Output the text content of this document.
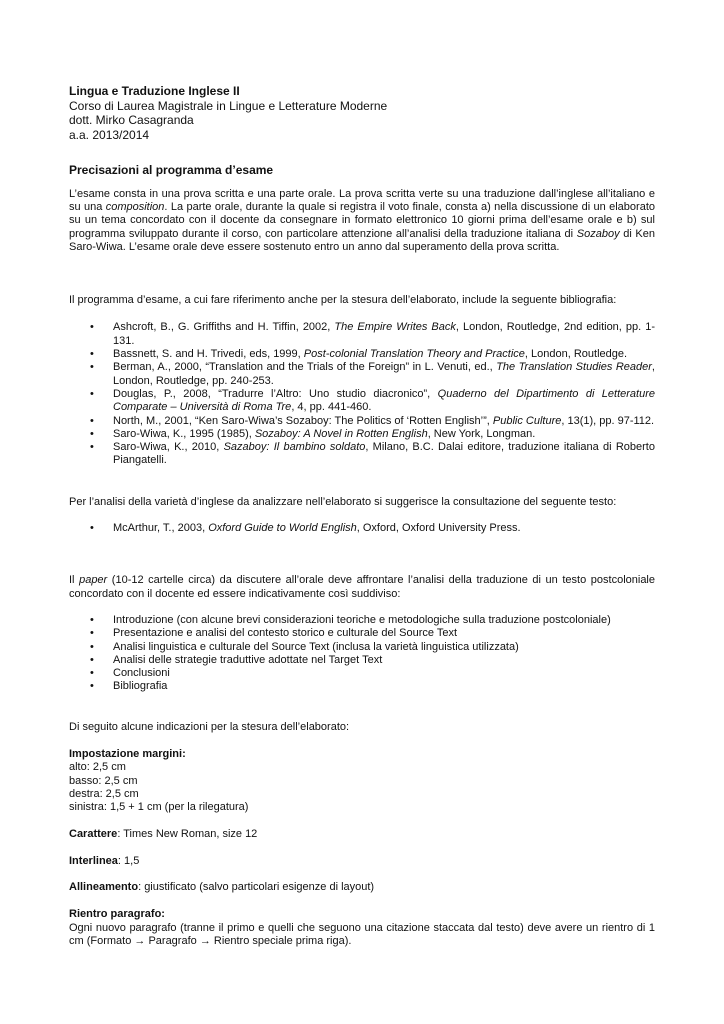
Lingua e Traduzione Inglese II
Corso di Laurea Magistrale in Lingue e Letterature Moderne
dott. Mirko Casagranda
a.a. 2013/2014
Precisazioni al programma d’esame

L’esame consta in una prova scritta e una parte orale. La prova scritta verte su una traduzione dall’inglese all’italiano e su una composition. La parte orale, durante la quale si registra il voto finale, consta a) nella discussione di un elaborato su un tema concordato con il docente da consegnare in formato elettronico 10 giorni prima dell’esame orale e b) sul programma sviluppato durante il corso, con particolare attenzione all’analisi della traduzione italiana di Sozaboy di Ken Saro-Wiwa. L’esame orale deve essere sostenuto entro un anno dal superamento della prova scritta.

Il programma d’esame, a cui fare riferimento anche per la stesura dell’elaborato, include la seguente bibliografia:

• Ashcroft, B., G. Griffiths and H. Tiffin, 2002, The Empire Writes Back, London, Routledge, 2nd edition, pp. 1-131.
• Bassnett, S. and H. Trivedi, eds, 1999, Post-colonial Translation Theory and Practice, London, Routledge.
• Berman, A., 2000, “Translation and the Trials of the Foreign” in L. Venuti, ed., The Translation Studies Reader, London, Routledge, pp. 240-253.
• Douglas, P., 2008, “Tradurre l’Altro: Uno studio diacronico”, Quaderno del Dipartimento di Letterature Comparate – Università di Roma Tre, 4, pp. 441-460.
• North, M., 2001, “Ken Saro-Wiwa’s Sozaboy: The Politics of ‘Rotten English’”, Public Culture, 13(1), pp. 97-112.
• Saro-Wiwa, K., 1995 (1985), Sozaboy: A Novel in Rotten English, New York, Longman.
• Saro-Wiwa, K., 2010, Sazaboy: Il bambino soldato, Milano, B.C. Dalai editore, traduzione italiana di Roberto Piangatelli.

Per l’analisi della varietà d’inglese da analizzare nell’elaborato si suggerisce la consultazione del seguente testo:

• McArthur, T., 2003, Oxford Guide to World English, Oxford, Oxford University Press.

Il paper (10-12 cartelle circa) da discutere all’orale deve affrontare l’analisi della traduzione di un testo postcoloniale concordato con il docente ed essere indicativamente così suddiviso:

• Introduzione (con alcune brevi considerazioni teoriche e metodologiche sulla traduzione postcoloniale)
• Presentazione e analisi del contesto storico e culturale del Source Text
• Analisi linguistica e culturale del Source Text (inclusa la varietà linguistica utilizzata)
• Analisi delle strategie traduttive adottate nel Target Text
• Conclusioni
• Bibliografia

Di seguito alcune indicazioni per la stesura dell’elaborato:

Impostazione margini:
alto: 2,5 cm
basso: 2,5 cm
destra: 2,5 cm
sinistra: 1,5 + 1 cm (per la rilegatura)
Carattere: Times New Roman, size 12
Interlinea: 1,5
Allineamento: giustificato (salvo particolari esigenze di layout)
Rientro paragrafo:

Ogni nuovo paragrafo (tranne il primo e quelli che seguono una citazione staccata dal testo) deve avere un rientro di 1 cm (Formato → Paragrafo → Rientro speciale prima riga).
